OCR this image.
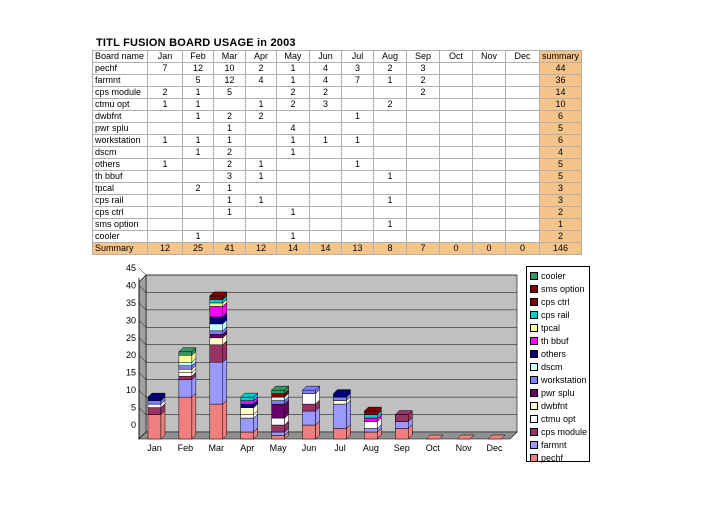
TITL FUSION BOARD USAGE in 2003
Board name	Jan	Feb	Mar	Apr	May	Jun	Jul	Aug	Sep	Oct	Nov	Dec	summary
pechf	7	12	10	2	1	4	3	2	3				44
farmnt		5	12	4	1	4	7	1	2				36
cps module	2	1	5		2	2			2				14
ctmu opt	1	1		1	2	3		2					10
dwbfnt		1	2	2			1						6
pwr splu			1		4								5
workstation	1	1	1		1	1	1						6
dscm		1	2		1								4
others	1		2	1			1						5
th bbuf			3	1				1					5
tpcal		2	1										3
cps rail			1	1				1					3
cps ctrl			1		1								2
sms option								1					1
cooler		1			1								2
Summary	12	25	41	12	14	14	13	8	7	0	0	0	146
0
5
10
15
20
25
30
35
40
45
Jan Feb Mar Apr May Jun Jul Aug Sep Oct Nov Dec
cooler
sms option
cps ctrl
cps rail
tpcal
th bbuf
others
dscm
workstation
pwr splu
dwbfnt
ctmu opt
cps module
farmnt
pechf
